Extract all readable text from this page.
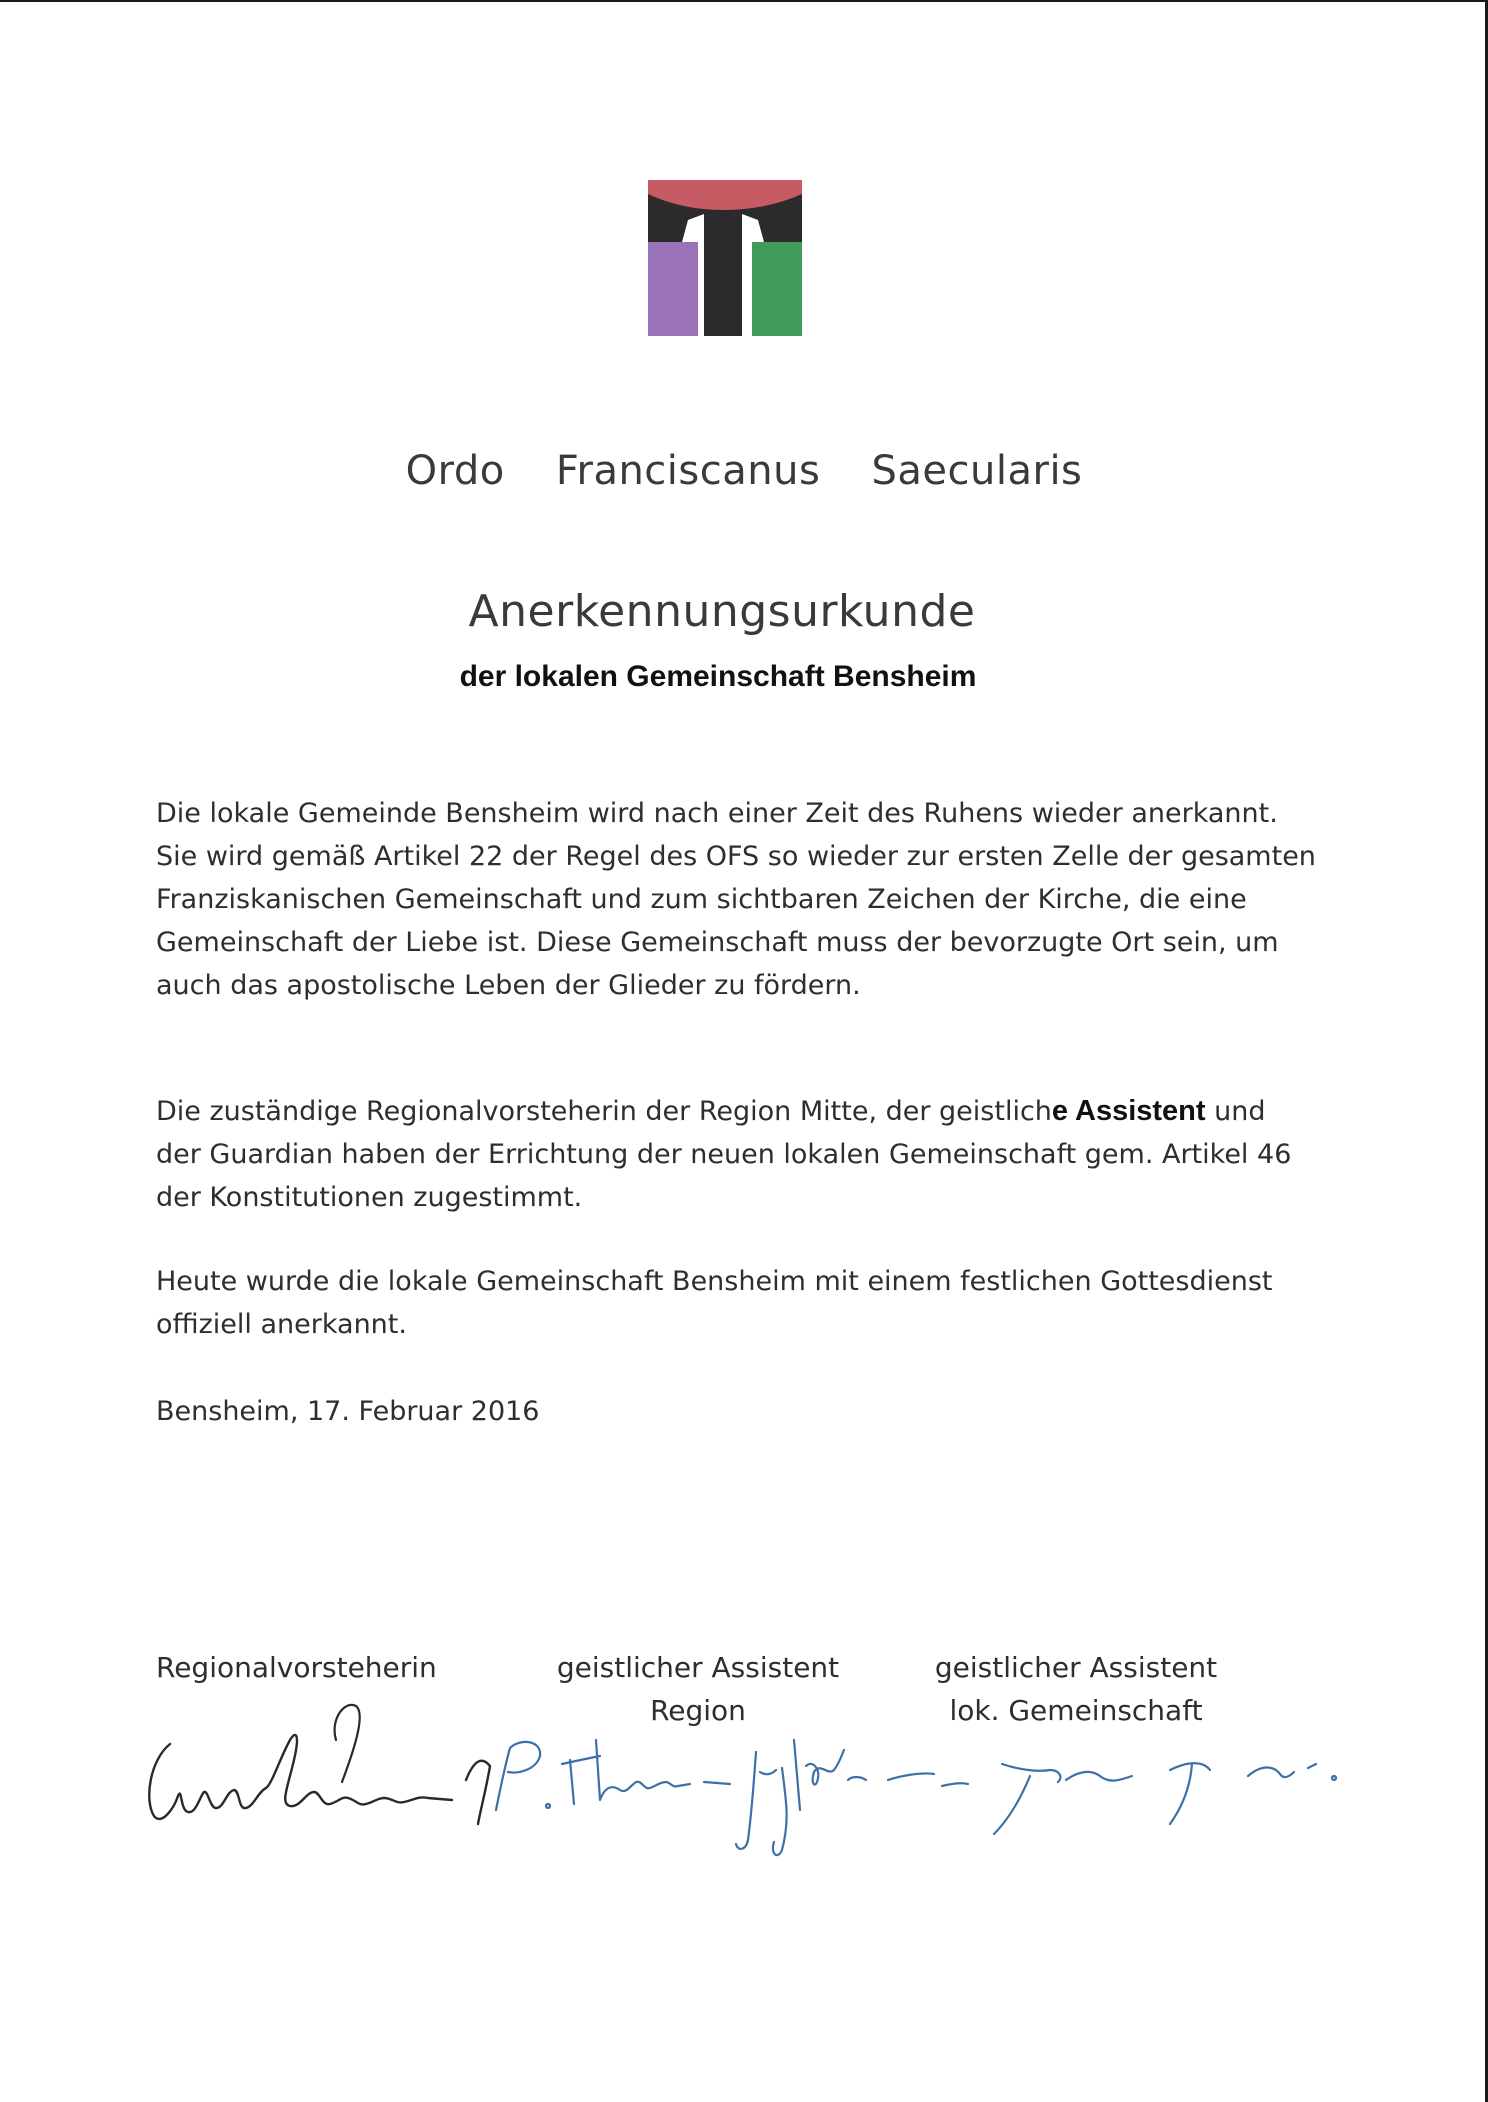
Ordo Franciscanus Saecularis
Anerkennungsurkunde
der lokalen Gemeinschaft Bensheim

Die lokale Gemeinde Bensheim wird nach einer Zeit des Ruhens wieder anerkannt. Sie wird gemäß Artikel 22 der Regel des OFS so wieder zur ersten Zelle der gesamten Franziskanischen Gemeinschaft und zum sichtbaren Zeichen der Kirche, die eine Gemeinschaft der Liebe ist. Diese Gemeinschaft muss der bevorzugte Ort sein, um auch das apostolische Leben der Glieder zu fördern.

Die zuständige Regionalvorsteherin der Region Mitte, der geistliche Assistent und der Guardian haben der Errichtung der neuen lokalen Gemeinschaft gem. Artikel 46 der Konstitutionen zugestimmt.

Heute wurde die lokale Gemeinschaft Bensheim mit einem festlichen Gottesdienst offiziell anerkannt.

Bensheim, 17. Februar 2016

Regionalvorsteherin	geistlicher Assistent
Region
geistlicher Assistent
lok. Gemeinschaft
